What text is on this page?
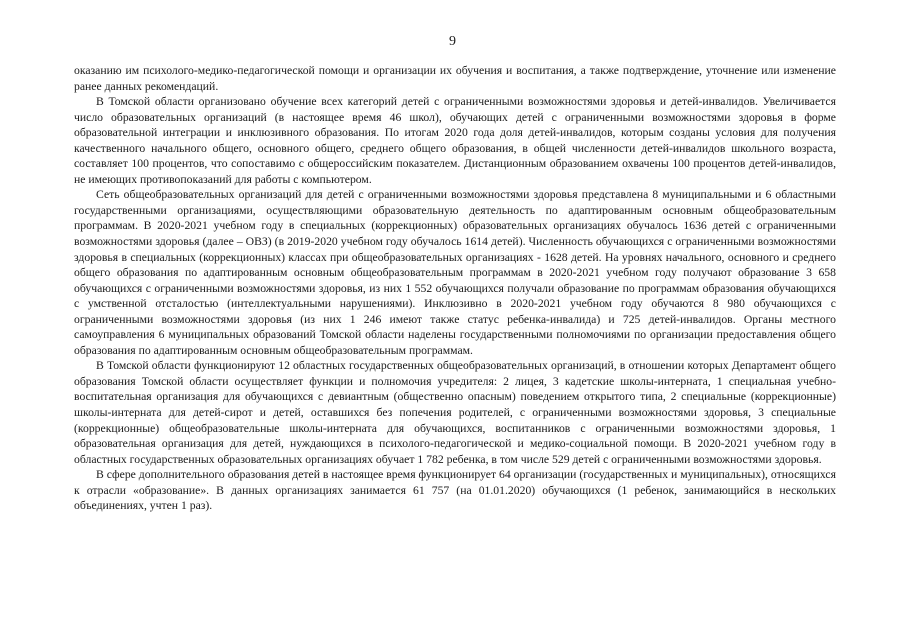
9

оказанию им психолого-медико-педагогической помощи и организации их обучения и воспитания, а также подтверждение, уточнение или изменение ранее данных рекомендаций.

В Томской области организовано обучение всех категорий детей с ограниченными возможностями здоровья и детей-инвалидов. Увеличивается число образовательных организаций (в настоящее время 46 школ), обучающих детей с ограниченными возможностями здоровья в форме образовательной интеграции и инклюзивного образования. По итогам 2020 года доля детей-инвалидов, которым созданы условия для получения качественного начального общего, основного общего, среднего общего образования, в общей численности детей-инвалидов школьного возраста, составляет 100 процентов, что сопоставимо с общероссийским показателем. Дистанционным образованием охвачены 100 процентов детей-инвалидов, не имеющих противопоказаний для работы с компьютером.

Сеть общеобразовательных организаций для детей с ограниченными возможностями здоровья представлена 8 муниципальными и 6 областными государственными организациями, осуществляющими образовательную деятельность по адаптированным основным общеобразовательным программам. В 2020-2021 учебном году в специальных (коррекционных) образовательных организациях обучалось 1636 детей с ограниченными возможностями здоровья (далее – ОВЗ) (в 2019-2020 учебном году обучалось 1614 детей). Численность обучающихся с ограниченными возможностями здоровья в специальных (коррекционных) классах при общеобразовательных организациях - 1628 детей. На уровнях начального, основного и среднего общего образования по адаптированным основным общеобразовательным программам в 2020-2021 учебном году получают образование 3 658 обучающихся с ограниченными возможностями здоровья, из них 1 552 обучающихся получали образование по программам образования обучающихся с умственной отсталостью (интеллектуальными нарушениями). Инклюзивно в 2020-2021 учебном году обучаются 8 980 обучающихся с ограниченными возможностями здоровья (из них 1 246 имеют также статус ребенка-инвалида) и 725 детей-инвалидов. Органы местного самоуправления 6 муниципальных образований Томской области наделены государственными полномочиями по организации предоставления общего образования по адаптированным основным общеобразовательным программам.

В Томской области функционируют 12 областных государственных общеобразовательных организаций, в отношении которых Департамент общего образования Томской области осуществляет функции и полномочия учредителя: 2 лицея, 3 кадетские школы-интерната, 1 специальная учебно-воспитательная организация для обучающихся с девиантным (общественно опасным) поведением открытого типа, 2 специальные (коррекционные) школы-интерната для детей-сирот и детей, оставшихся без попечения родителей, с ограниченными возможностями здоровья, 3 специальные (коррекционные) общеобразовательные школы-интерната для обучающихся, воспитанников с ограниченными возможностями здоровья, 1 образовательная организация для детей, нуждающихся в психолого-педагогической и медико-социальной помощи. В 2020-2021 учебном году в областных государственных образовательных организациях обучает 1 782 ребенка, в том числе 529 детей с ограниченными возможностями здоровья.

В сфере дополнительного образования детей в настоящее время функционирует 64 организации (государственных и муниципальных), относящихся к отрасли «образование». В данных организациях занимается 61 757 (на 01.01.2020) обучающихся (1 ребенок, занимающийся в нескольких объединениях, учтен 1 раз).
